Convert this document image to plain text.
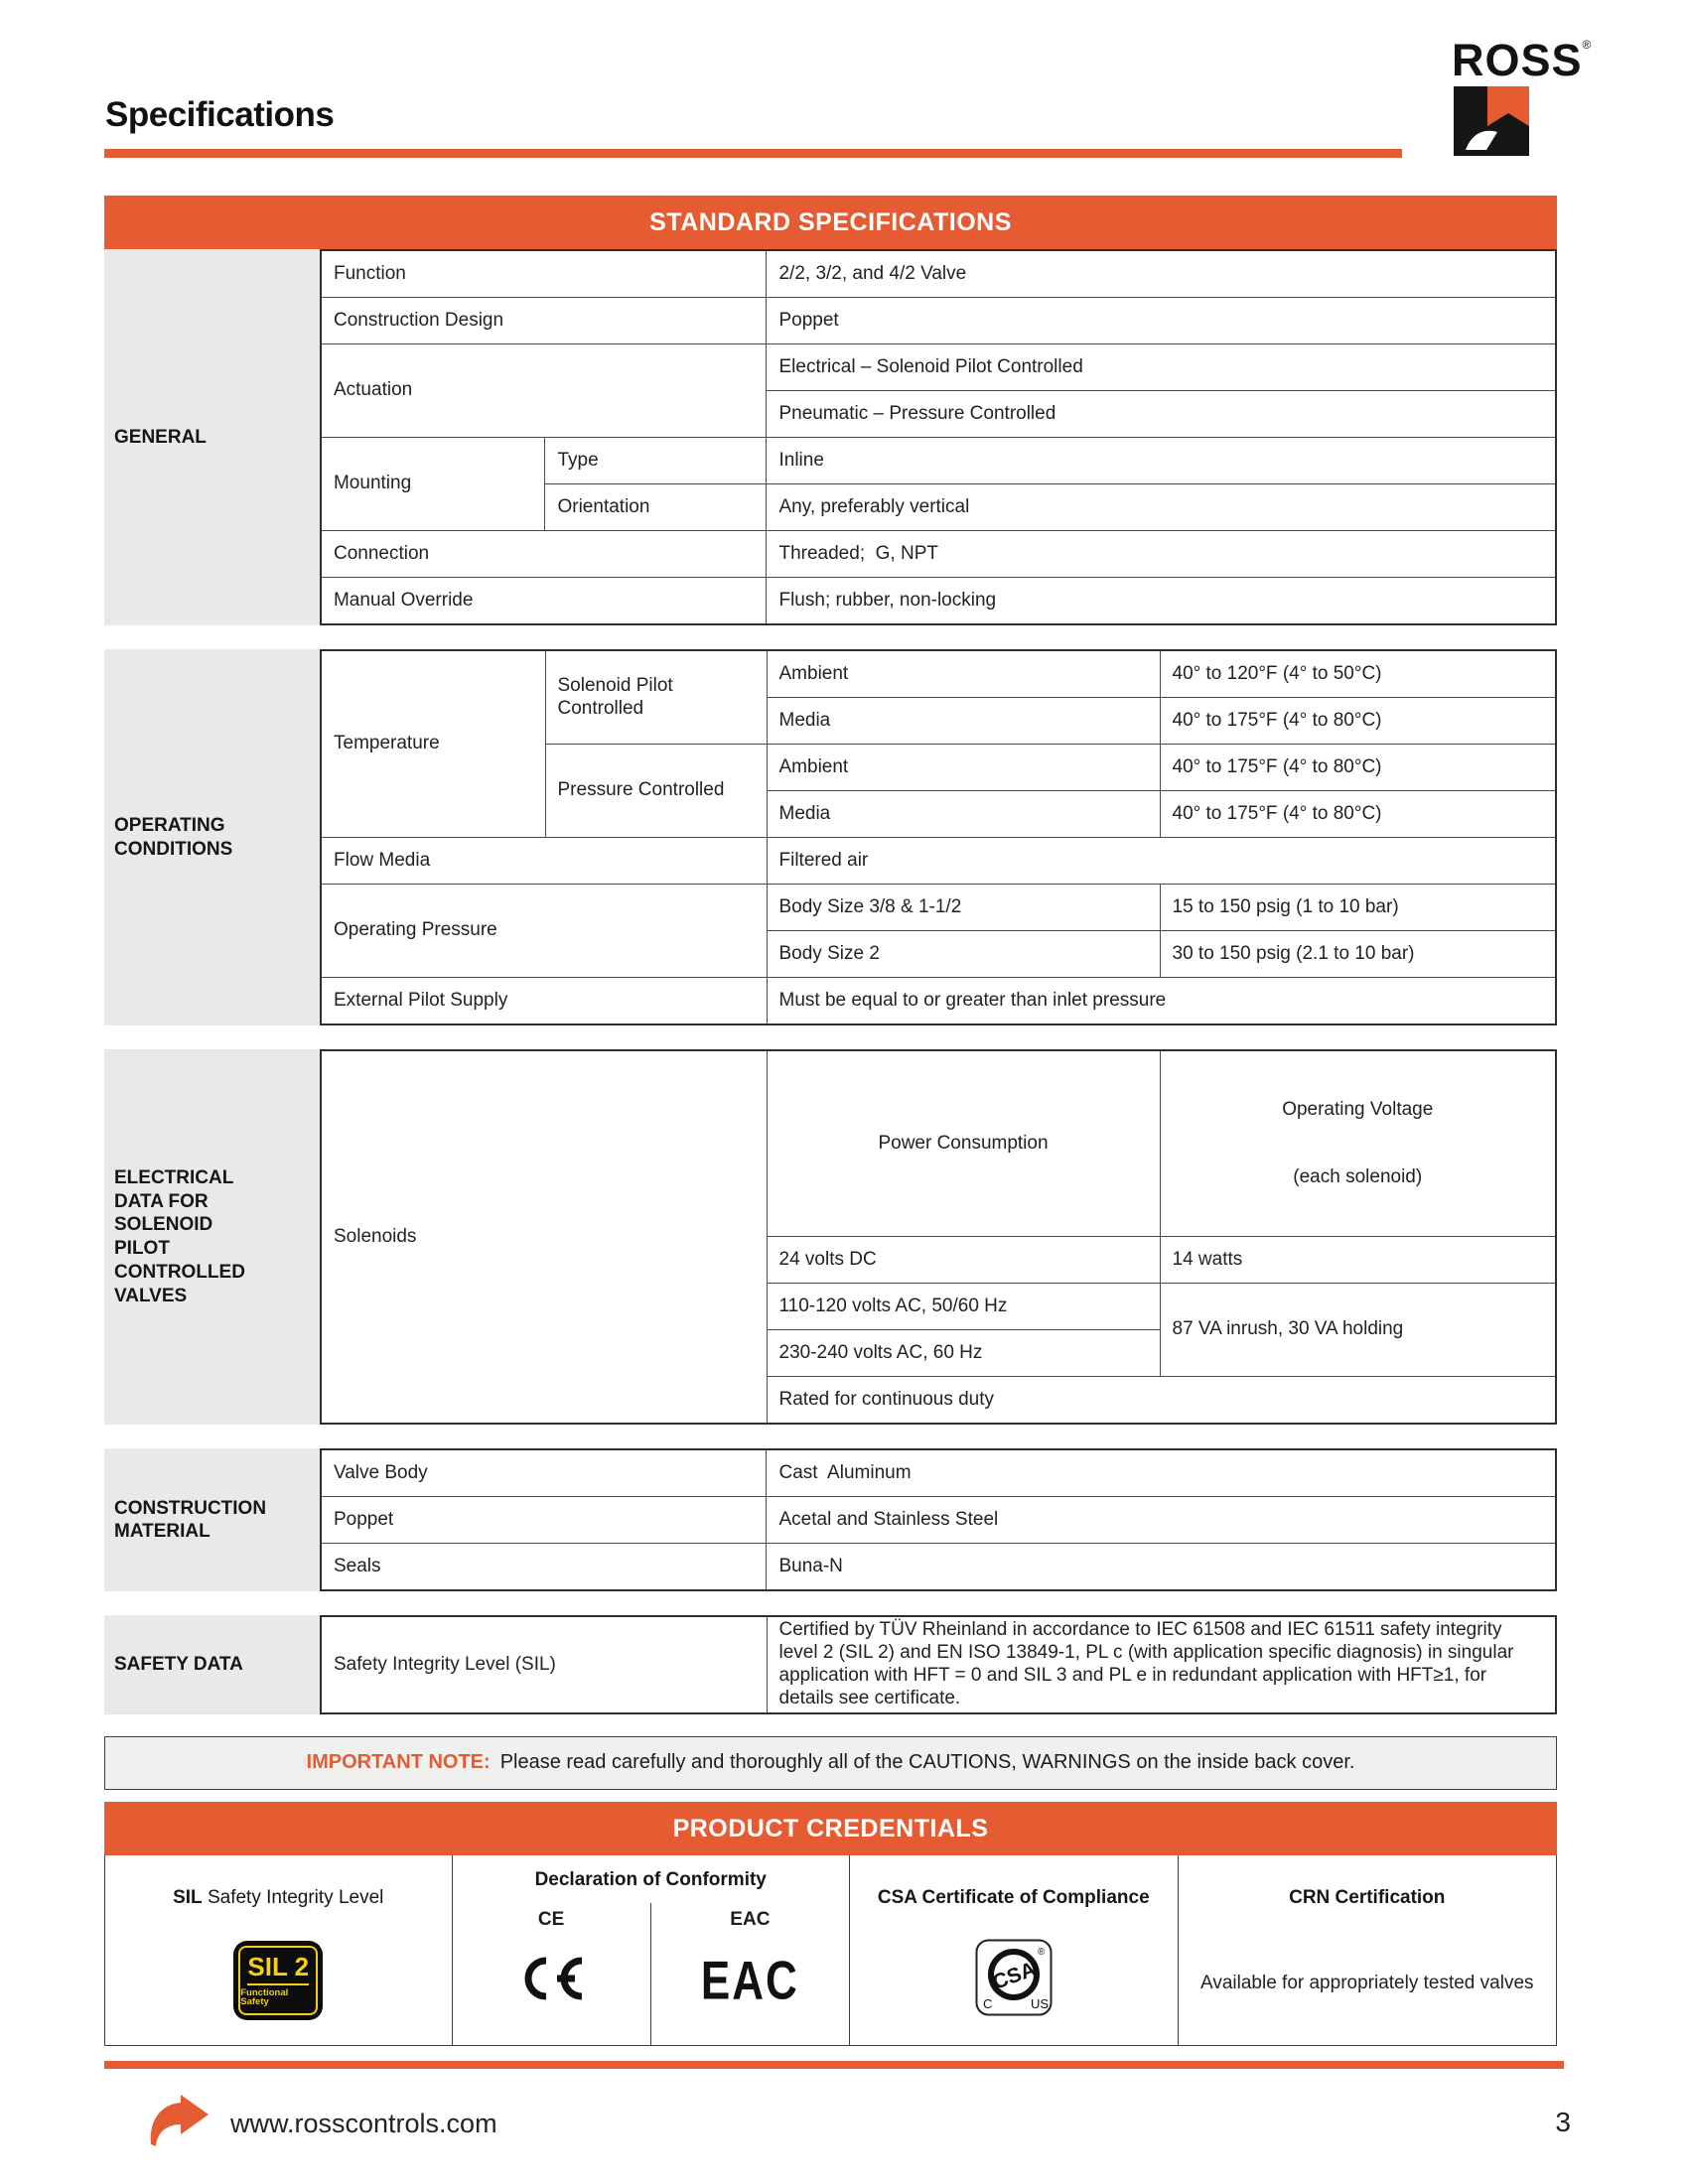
Specifications
ROSS®
STANDARD SPECIFICATIONS
GENERAL
Function		2/2, 3/2, and 4/2 Valve
Construction Design		Poppet
Actuation		Electrical – Solenoid Pilot Controlled
		Pneumatic – Pressure Controlled
Mounting	Type	Inline
	Orientation	Any, preferably vertical
Connection		Threaded;  G, NPT
Manual Override		Flush; rubber, non-locking
OPERATING CONDITIONS
Temperature	Solenoid Pilot Controlled	Ambient	40° to 120°F (4° to 50°C)
		Media	40° to 175°F (4° to 80°C)
	Pressure Controlled	Ambient	40° to 175°F (4° to 80°C)
		Media	40° to 175°F (4° to 80°C)
Flow Media		Filtered air	
Operating Pressure		Body Size 3/8 & 1-1/2	15 to 150 psig (1 to 10 bar)
		Body Size 2	30 to 150 psig (2.1 to 10 bar)
External Pilot Supply		Must be equal to or greater than inlet pressure	
ELECTRICAL DATA FOR SOLENOID PILOT CONTROLLED VALVES
Solenoids	Power Consumption	Operating Voltage

(each solenoid)

	24 volts DC	14 watts
	110-120 volts AC, 50/60 Hz	87 VA inrush, 30 VA holding
	230-240 volts AC, 60 Hz	
	Rated for continuous duty	
CONSTRUCTION MATERIAL
Valve Body	Cast  Aluminum
Poppet	Acetal and Stainless Steel
Seals	Buna-N
SAFETY DATA	Safety Integrity Level (SIL)	Certified by TÜV Rheinland in accordance to IEC 61508 and IEC 61511 safety integrity level 2 (SIL 2) and EN ISO 13849-1, PL c (with application specific diagnosis) in singular application with HFT = 0 and SIL 3 and PL e in redundant application with HFT≥1, for details see certificate.
IMPORTANT NOTE: Please read carefully and thoroughly all of the CAUTIONS, WARNINGS on the inside back cover.
PRODUCT CREDENTIALS
SIL Safety Integrity Level
SIL 2
Functional Safety
Declaration of Conformity
CE	EAC
EAC
CSA Certificate of Compliance
CSA
®
C	US
CRN Certification
Available for appropriately tested valves
www.rosscontrols.com	3
